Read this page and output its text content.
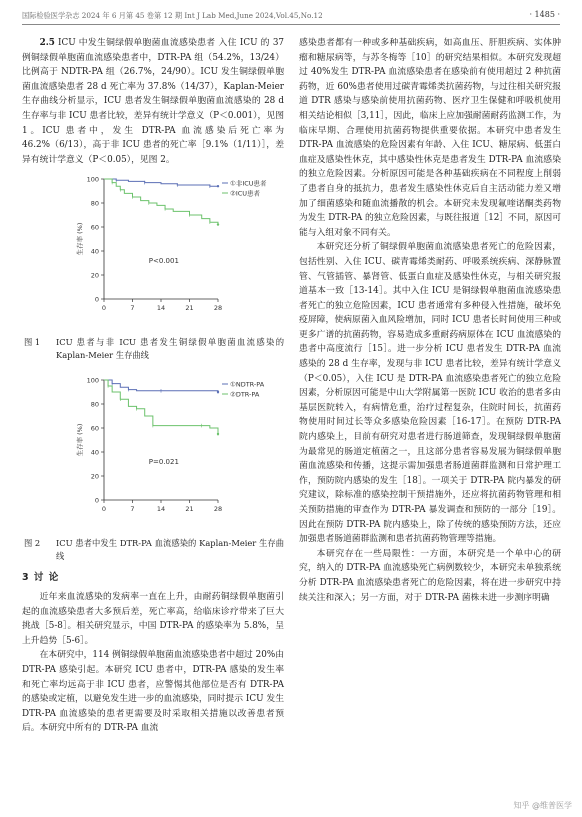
国际检验医学杂志 2024 年 6 月第 45 卷第 12 期 Int J Lab Med,June 2024,Vol.45,No.12	· 1485 ·

2.5 ICU 中发生铜绿假单胞菌血流感染患者 入住 ICU 的 37 例铜绿假单胞菌血流感染患者中，DTR-PA 组（54.2%，13/24）比例高于 NDTR-PA 组（26.7%，24/90）。ICU 发生铜绿假单胞菌血流感染患者 28 d 死亡率为 37.8%（14/37），Kaplan-Meier 生存曲线分析显示，ICU 患者发生铜绿假单胞菌血流感染的 28 d 生存率与非 ICU 患者比较，差异有统计学意义（P＜0.001），见图 1。ICU 患者中，发生 DTR-PA 血流感染后死亡率为 46.2%（6/13），高于非 ICU 患者的死亡率［9.1%（1/11）］，差异有统计学意义（P＜0.05），见图 2。

0
20
40
60
80
100
0	7	14	21	28
生存率 (%)
①非ICU患者
②ICU患者
P<0.001
图 1	ICU 患者与非 ICU 患者发生铜绿假单胞菌血流感染的 Kaplan-Meier 生存曲线
0
20
40
60
80
100
0	7	14	21	28
生存率 (%)
①NDTR-PA
②DTR-PA
P=0.021
图 2	ICU 患者中发生 DTR-PA 血流感染的 Kaplan-Meier 生存曲线
3 讨 论

近年来血流感染的发病率一直在上升，由耐药铜绿假单胞菌引起的血流感染患者大多预后差，死亡率高，给临床诊疗带来了巨大挑战［5-8］。相关研究显示，中国 DTR-PA 的感染率为 5.8%，呈上升趋势［5-6］。

在本研究中，114 例铜绿假单胞菌血流感染患者中超过 20%由 DTR-PA 感染引起。本研究 ICU 患者中，DTR-PA 感染的发生率和死亡率均远高于非 ICU 患者，应警惕其他部位是否有 DTR-PA 的感染或定植，以避免发生进一步的血流感染，同时提示 ICU 发生 DTR-PA 血流感染的患者更需要及时采取相关措施以改善患者预后。本研究中所有的 DTR-PA 血流

感染患者都有一种或多种基础疾病，如高血压、肝胆疾病、实体肿瘤和糖尿病等，与苏冬梅等［10］的研究结果相似。本研究发现超过 40%发生 DTR-PA 血流感染患者在感染前有使用超过 2 种抗菌药物，近 60%患者使用过碳青霉烯类抗菌药物，与过往相关研究报道 DTR 感染与感染前使用抗菌药物、医疗卫生保健和呼吸机使用相关结论相似［3,11］，因此，临床上应加强耐菌耐药监测工作，为临床早期、合理使用抗菌药物提供重要依据。本研究中患者发生 DTR-PA 血流感染的危险因素有年龄、入住 ICU、糖尿病、低蛋白血症及感染性休克，其中感染性休克是患者发生 DTR-PA 血流感染的独立危险因素。分析原因可能是各种基础疾病在不同程度上削弱了患者自身的抵抗力，患者发生感染性休克后自主活动能力差又增加了细菌感染和随血流播散的机会。本研究未发现氟喹诺酮类药物为发生 DTR-PA 的独立危险因素，与既往报道［12］不同，原因可能与入组对象不同有关。

本研究还分析了铜绿假单胞菌血流感染患者死亡的危险因素，包括性别、入住 ICU、碳青霉烯类耐药、呼吸系统疾病、深静脉置管、气管插管、暴肾管、低蛋白血症及感染性休克，与相关研究报道基本一致［13-14］。其中入住 ICU 是铜绿假单胞菌血流感染患者死亡的独立危险因素，ICU 患者通常有多种侵入性措施，破坏免疫屏障，使病原菌入血风险增加，同时 ICU 患者长时间使用三种或更多广谱的抗菌药物，容易造成多重耐药病原体在 ICU 血流感染的患者中高度流行［15］。进一步分析 ICU 患者发生 DTR-PA 血流感染的 28 d 生存率，发现与非 ICU 患者比较，差异有统计学意义（P＜0.05），入住 ICU 是 DTR-PA 血流感染患者死亡的独立危险因素，分析原因可能是中山大学附属第一医院 ICU 收治的患者多由基层医院转入，有病情危重，治疗过程复杂，住院时间长，抗菌药物使用时间过长等众多感染危险因素［16-17］。在预防 DTR-PA 院内感染上，目前有研究对患者进行肠道筛查，发现铜绿假单胞菌为最常见的肠道定植菌之一，且这部分患者容易发展为铜绿假单胞菌血流感染和传播，这提示需加强患者肠道菌群监测和日常护理工作，预防院内感染的发生［18］。一项关于 DTR-PA 院内暴发的研究建议，除标准的感染控制干预措施外，还应将抗菌药物管理和相关预防措施的审查作为 DTR-PA 暴发调查和预防的一部分［19］。因此在预防 DTR-PA 院内感染上，除了传统的感染预防方法，还应加强患者肠道菌群监测和患者抗菌药物管理等措施。

本研究存在一些局限性：一方面，本研究是一个单中心的研究，纳入的 DTR-PA 血流感染死亡病例数较少，本研究未单独系统分析 DTR-PA 血流感染患者死亡的危险因素，将在进一步研究中持续关注和深入；另一方面，对于 DTR-PA 菌株未进一步测序明确

知乎 @维普医学
